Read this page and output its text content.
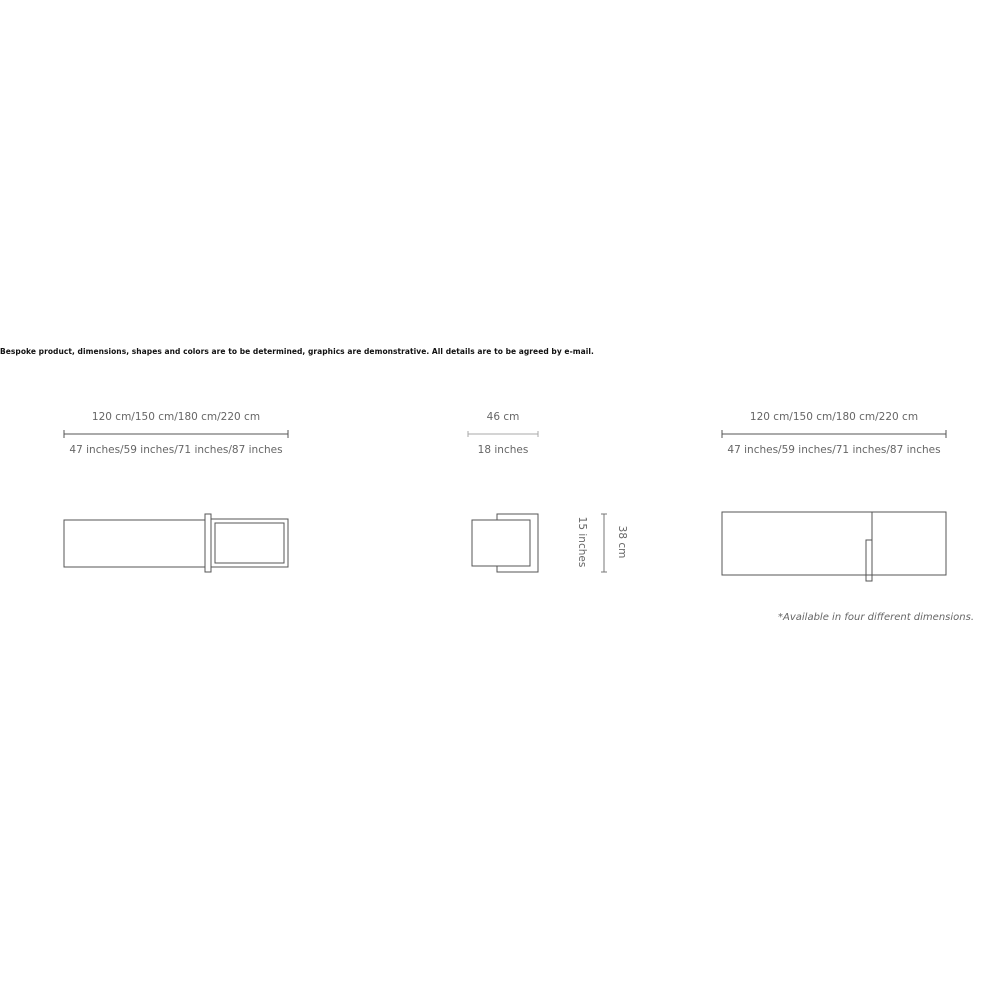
Bespoke product, dimensions, shapes and colors are to be determined, graphics are demonstrative. All details are to be agreed by e-mail.
120 cm/150 cm/180 cm/220 cm
47 inches/59 inches/71 inches/87 inches
46 cm
18 inches
15 inches	38 cm
120 cm/150 cm/180 cm/220 cm
47 inches/59 inches/71 inches/87 inches
*Available in four different dimensions.
